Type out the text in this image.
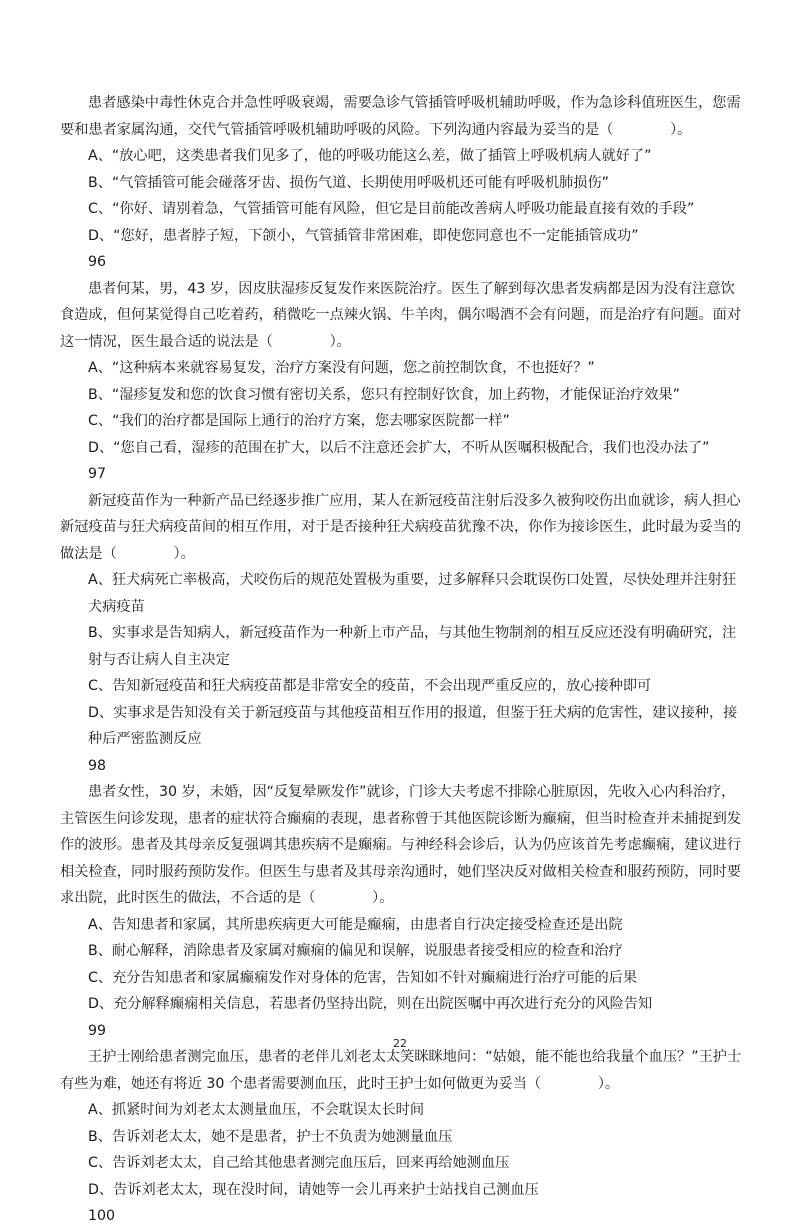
患者感染中毒性休克合并急性呼吸衰竭，需要急诊气管插管呼吸机辅助呼吸，作为急诊科值班医生，您需要和患者家属沟通，交代气管插管呼吸机辅助呼吸的风险。下列沟通内容最为妥当的是（　　　　）。

A、“放心吧，这类患者我们见多了，他的呼吸功能这么差，做了插管上呼吸机病人就好了”

B、“气管插管可能会碰落牙齿、损伤气道、长期使用呼吸机还可能有呼吸机肺损伤”

C、“你好、请别着急，气管插管可能有风险，但它是目前能改善病人呼吸功能最直接有效的手段”

D、“您好，患者脖子短，下颌小，气管插管非常困难，即使您同意也不一定能插管成功”

96

患者何某，男，43 岁，因皮肤湿疹反复发作来医院治疗。医生了解到每次患者发病都是因为没有注意饮食造成，但何某觉得自己吃着药，稍微吃一点辣火锅、牛羊肉，偶尔喝酒不会有问题，而是治疗有问题。面对这一情况，医生最合适的说法是（　　　　）。

A、“这种病本来就容易复发，治疗方案没有问题，您之前控制饮食，不也挺好？”

B、“湿疹复发和您的饮食习惯有密切关系，您只有控制好饮食，加上药物，才能保证治疗效果”

C、“我们的治疗都是国际上通行的治疗方案，您去哪家医院都一样”

D、“您自己看，湿疹的范围在扩大，以后不注意还会扩大，不听从医嘱积极配合，我们也没办法了”

97

新冠疫苗作为一种新产品已经逐步推广应用，某人在新冠疫苗注射后没多久被狗咬伤出血就诊，病人担心新冠疫苗与狂犬病疫苗间的相互作用，对于是否接种狂犬病疫苗犹豫不决，你作为接诊医生，此时最为妥当的做法是（　　　　）。

A、狂犬病死亡率极高，犬咬伤后的规范处置极为重要，过多解释只会耽误伤口处置，尽快处理并注射狂犬病疫苗

B、实事求是告知病人，新冠疫苗作为一种新上市产品，与其他生物制剂的相互反应还没有明确研究，注射与否让病人自主决定

C、告知新冠疫苗和狂犬病疫苗都是非常安全的疫苗，不会出现严重反应的，放心接种即可

D、实事求是告知没有关于新冠疫苗与其他疫苗相互作用的报道，但鉴于狂犬病的危害性，建议接种，接种后严密监测反应

98

患者女性，30 岁，未婚，因“反复晕厥发作”就诊，门诊大夫考虑不排除心脏原因，先收入心内科治疗，主管医生问诊发现，患者的症状符合癫痫的表现，患者称曾于其他医院诊断为癫痫，但当时检查并未捕捉到发作的波形。患者及其母亲反复强调其患疾病不是癫痫。与神经科会诊后，认为仍应该首先考虑癫痫，建议进行相关检查，同时服药预防发作。但医生与患者及其母亲沟通时，她们坚决反对做相关检查和服药预防，同时要求出院，此时医生的做法，不合适的是（　　　　）。

A、告知患者和家属，其所患疾病更大可能是癫痫，由患者自行决定接受检查还是出院

B、耐心解释，消除患者及家属对癫痫的偏见和误解，说服患者接受相应的检查和治疗

C、充分告知患者和家属癫痫发作对身体的危害，告知如不针对癫痫进行治疗可能的后果

D、充分解释癫痫相关信息，若患者仍坚持出院，则在出院医嘱中再次进行充分的风险告知

99

王护士刚给患者测完血压，患者的老伴儿刘老太太笑眯眯地问：“姑娘，能不能也给我量个血压？”王护士有些为难，她还有将近 30 个患者需要测血压，此时王护士如何做更为妥当（　　　　）。

A、抓紧时间为刘老太太测量血压，不会耽误太长时间

B、告诉刘老太太，她不是患者，护士不负责为她测量血压

C、告诉刘老太太，自己给其他患者测完血压后，回来再给她测血压

D、告诉刘老太太，现在没时间，请她等一会儿再来护士站找自己测血压

100

22
